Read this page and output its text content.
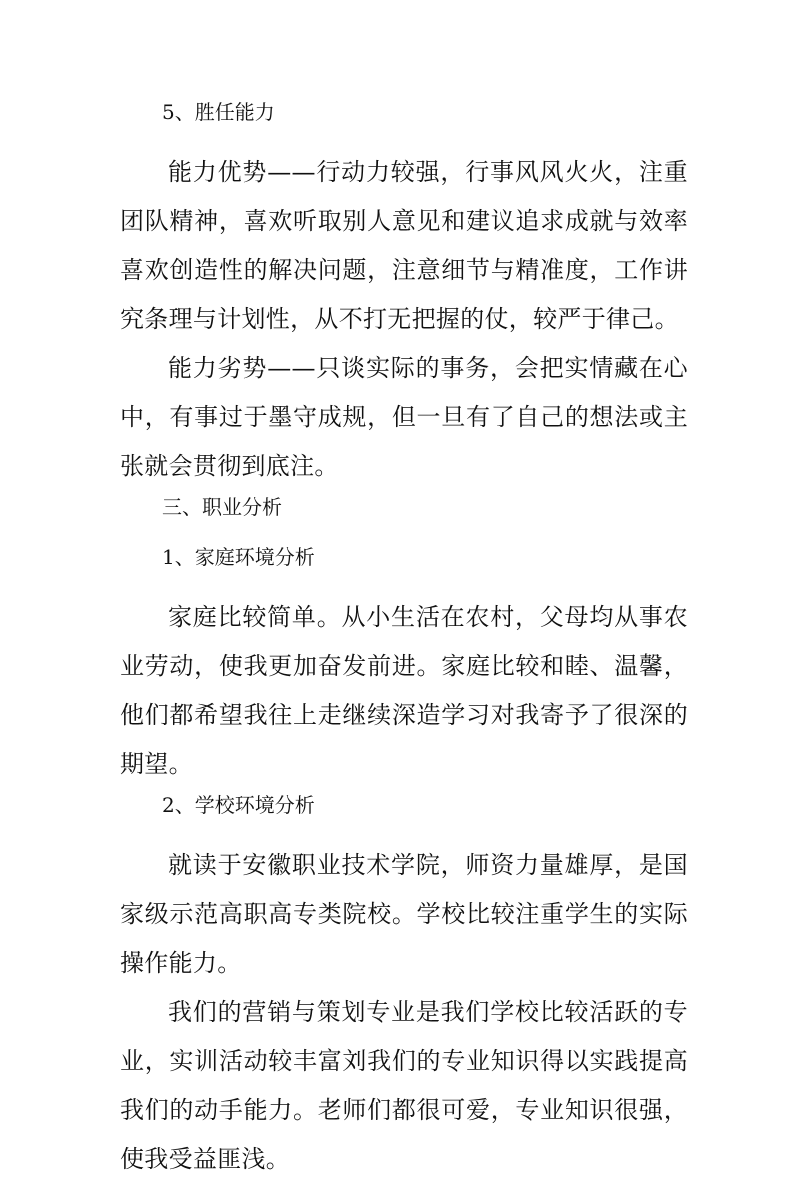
5、胜任能力

能力优势——行动力较强，行事风风火火，注重团队精神，喜欢听取别人意见和建议追求成就与效率喜欢创造性的解决问题，注意细节与精准度，工作讲究条理与计划性，从不打无把握的仗，较严于律己。

能力劣势——只谈实际的事务，会把实情藏在心中，有事过于墨守成规，但一旦有了自己的想法或主张就会贯彻到底注。

三、职业分析

1、家庭环境分析

家庭比较简单。从小生活在农村，父母均从事农业劳动，使我更加奋发前进。家庭比较和睦、温馨，他们都希望我往上走继续深造学习对我寄予了很深的期望。

2、学校环境分析

就读于安徽职业技术学院，师资力量雄厚，是国家级示范高职高专类院校。学校比较注重学生的实际操作能力。

我们的营销与策划专业是我们学校比较活跃的专业，实训活动较丰富刘我们的专业知识得以实践提高我们的动手能力。老师们都很可爱，专业知识很强，使我受益匪浅。
